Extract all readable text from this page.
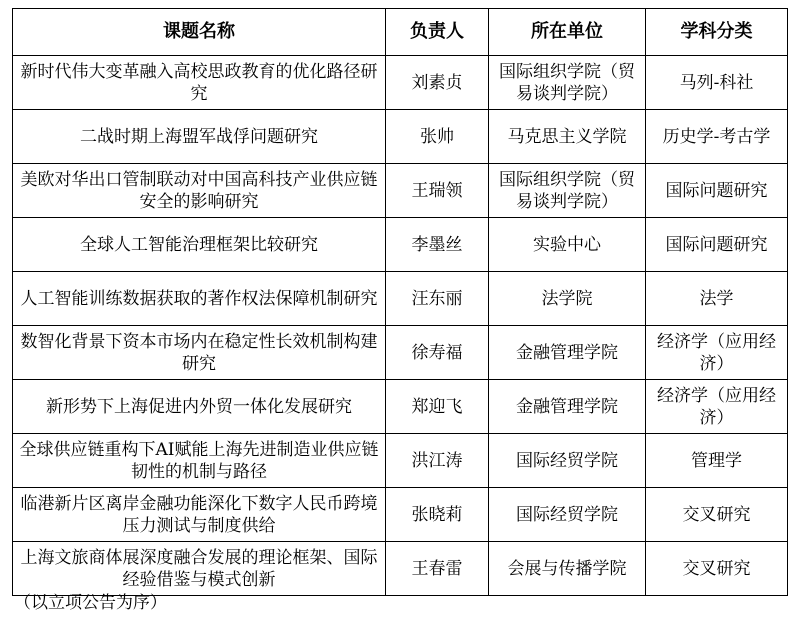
课题名称	负责人	所在单位	学科分类
新时代伟大变革融入高校思政教育的优化路径研究	刘素贞	国际组织学院（贸易谈判学院）	马列-科社
二战时期上海盟军战俘问题研究	张帅	马克思主义学院	历史学-考古学
美欧对华出口管制联动对中国高科技产业供应链安全的影响研究	王瑞领	国际组织学院（贸易谈判学院）	国际问题研究
全球人工智能治理框架比较研究	李墨丝	实验中心	国际问题研究
人工智能训练数据获取的著作权法保障机制研究	汪东丽	法学院	法学
数智化背景下资本市场内在稳定性长效机制构建研究	徐寿福	金融管理学院	经济学（应用经济）
新形势下上海促进内外贸一体化发展研究	郑迎飞	金融管理学院	经济学（应用经济）
全球供应链重构下AI赋能上海先进制造业供应链韧性的机制与路径	洪江涛	国际经贸学院	管理学
临港新片区离岸金融功能深化下数字人民币跨境压力测试与制度供给	张晓莉	国际经贸学院	交叉研究
上海文旅商体展深度融合发展的理论框架、国际经验借鉴与模式创新	王春雷	会展与传播学院	交叉研究
（以立项公告为序）
